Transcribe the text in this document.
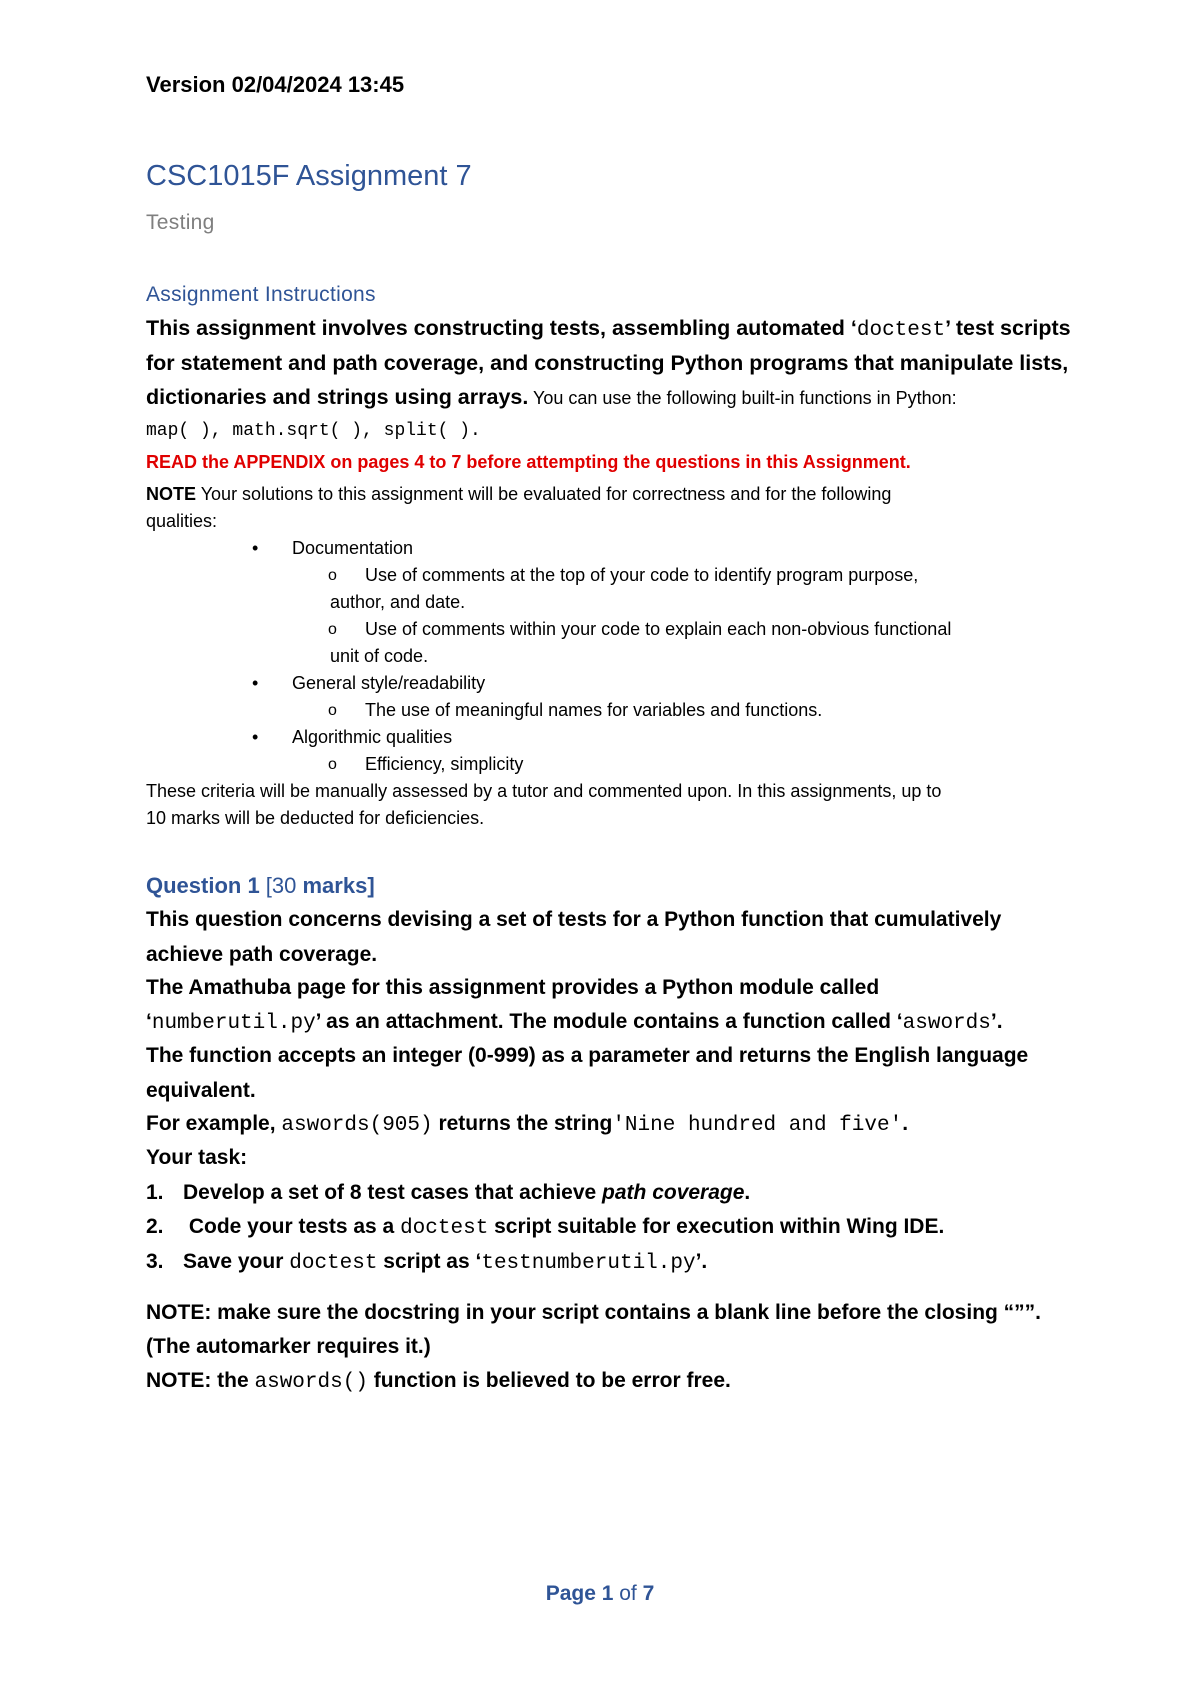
Version 02/04/2024 13:45
CSC1015F Assignment 7
Testing
Assignment Instructions
This assignment involves constructing tests, assembling automated ‘doctest’ test scripts
for statement and path coverage, and constructing Python programs that manipulate lists,
dictionaries and strings using arrays. You can use the following built-in functions in Python:
map( ), math.sqrt( ), split( ).
READ the APPENDIX on pages 4 to 7 before attempting the questions in this Assignment.
NOTE Your solutions to this assignment will be evaluated for correctness and for the following
qualities:
• Documentation
o Use of comments at the top of your code to identify program purpose,
author, and date.
o Use of comments within your code to explain each non-obvious functional
unit of code.
• General style/readability
o The use of meaningful names for variables and functions.
• Algorithmic qualities
o Efficiency, simplicity
These criteria will be manually assessed by a tutor and commented upon. In this assignments, up to
10 marks will be deducted for deficiencies.
Question 1 [30 marks]
This question concerns devising a set of tests for a Python function that cumulatively
achieve path coverage.
The Amathuba page for this assignment provides a Python module called
‘numberutil.py’ as an attachment. The module contains a function called ‘aswords’.
The function accepts an integer (0-999) as a parameter and returns the English language
equivalent.
For example, aswords(905) returns the string'Nine hundred and five'.
Your task:
1. Develop a set of 8 test cases that achieve path coverage.
2. Code your tests as a doctest script suitable for execution within Wing IDE.
3. Save your doctest script as ‘testnumberutil.py’.
NOTE: make sure the docstring in your script contains a blank line before the closing “””.
(The automarker requires it.)
NOTE: the aswords() function is believed to be error free.
Page 1 of 7
